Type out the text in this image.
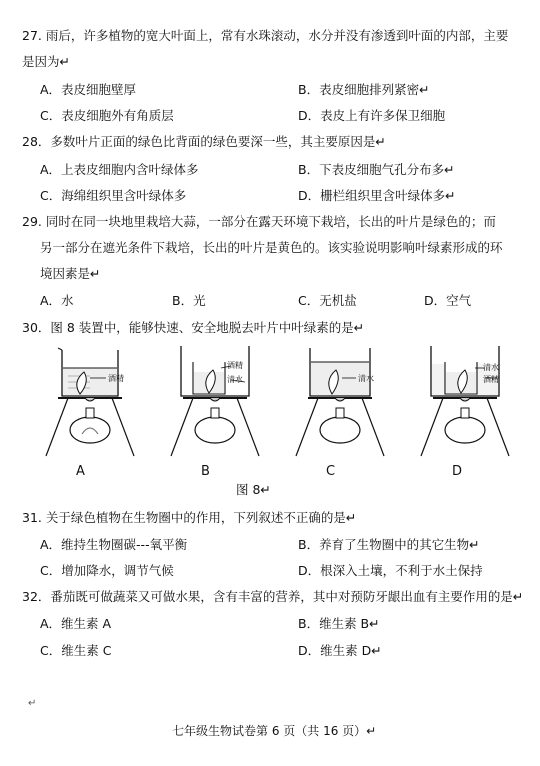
27. 雨后，许多植物的宽大叶面上，常有水珠滚动，水分并没有渗透到叶面的内部，主要
是因为↵
A．表皮细胞壁厚	B．表皮细胞排列紧密↵
C．表皮细胞外有角质层	D．表皮上有许多保卫细胞
28．多数叶片正面的绿色比背面的绿色要深一些，其主要原因是↵
A．上表皮细胞内含叶绿体多	B．下表皮细胞气孔分布多↵
C．海绵组织里含叶绿体多	D．栅栏组织里含叶绿体多↵
29. 同时在同一块地里栽培大蒜，一部分在露天环境下栽培，长出的叶片是绿色的；而
另一部分在遮光条件下栽培，长出的叶片是黄色的。该实验说明影响叶绿素形成的环
境因素是↵
A．水	B．光	C．无机盐	D．空气
30．图 8 装置中，能够快速、安全地脱去叶片中叶绿素的是↵
酒精
酒精
清水	清水
清水
酒精
A	B	C	D
图 8↵
31. 关于绿色植物在生物圈中的作用，下列叙述不正确的是↵
A．维持生物圈碳---氧平衡	B．养育了生物圈中的其它生物↵
C．增加降水，调节气候	D．根深入土壤，不利于水土保持
32．番茄既可做蔬菜又可做水果，含有丰富的营养，其中对预防牙龈出血有主要作用的是↵
A．维生素 A	B．维生素 B↵
C．维生素 C	D．维生素 D↵
↵
七年级生物试卷第 6 页（共 16 页）↵
